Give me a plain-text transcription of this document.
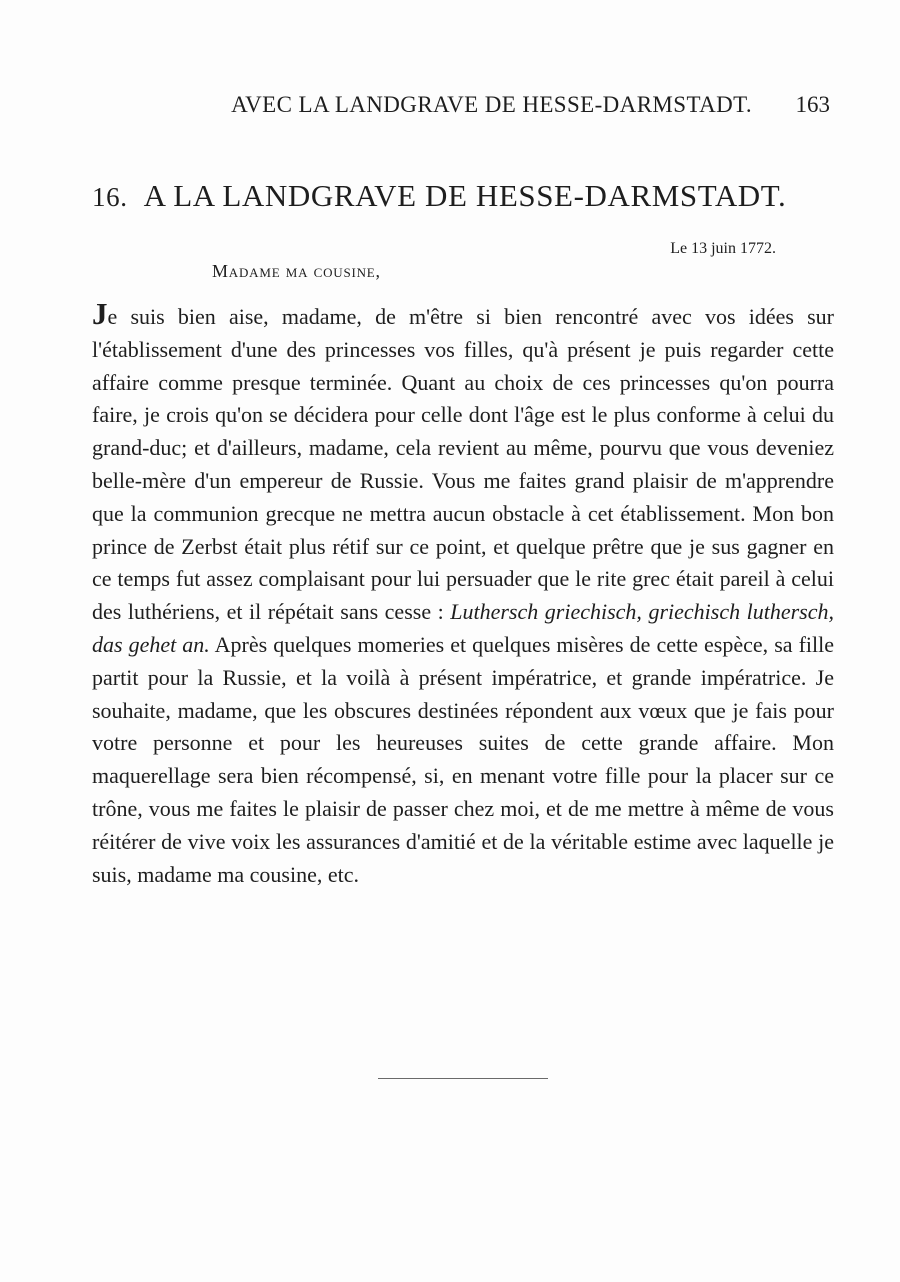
AVEC LA LANDGRAVE DE HESSE-DARMSTADT. 163
16. A LA LANDGRAVE DE HESSE-DARMSTADT.
Le 13 juin 1772.
Madame ma cousine,

Je suis bien aise, madame, de m'être si bien rencontré avec vos idées sur l'établissement d'une des princesses vos filles, qu'à présent je puis regarder cette affaire comme presque terminée. Quant au choix de ces princesses qu'on pourra faire, je crois qu'on se décidera pour celle dont l'âge est le plus conforme à celui du grand-duc; et d'ailleurs, madame, cela revient au même, pourvu que vous deveniez belle-mère d'un empereur de Russie. Vous me faites grand plaisir de m'apprendre que la communion grecque ne mettra aucun obstacle à cet établissement. Mon bon prince de Zerbst était plus rétif sur ce point, et quelque prêtre que je sus gagner en ce temps fut assez complaisant pour lui persuader que le rite grec était pareil à celui des luthériens, et il répétait sans cesse : Luthersch griechisch, griechisch luthersch, das gehet an. Après quelques momeries et quelques misères de cette espèce, sa fille partit pour la Russie, et la voilà à présent impératrice, et grande impératrice. Je souhaite, madame, que les obscures destinées répondent aux vœux que je fais pour votre personne et pour les heureuses suites de cette grande affaire. Mon maquerellage sera bien récompensé, si, en menant votre fille pour la placer sur ce trône, vous me faites le plaisir de passer chez moi, et de me mettre à même de vous réitérer de vive voix les assurances d'amitié et de la véritable estime avec laquelle je suis, madame ma cousine, etc.
